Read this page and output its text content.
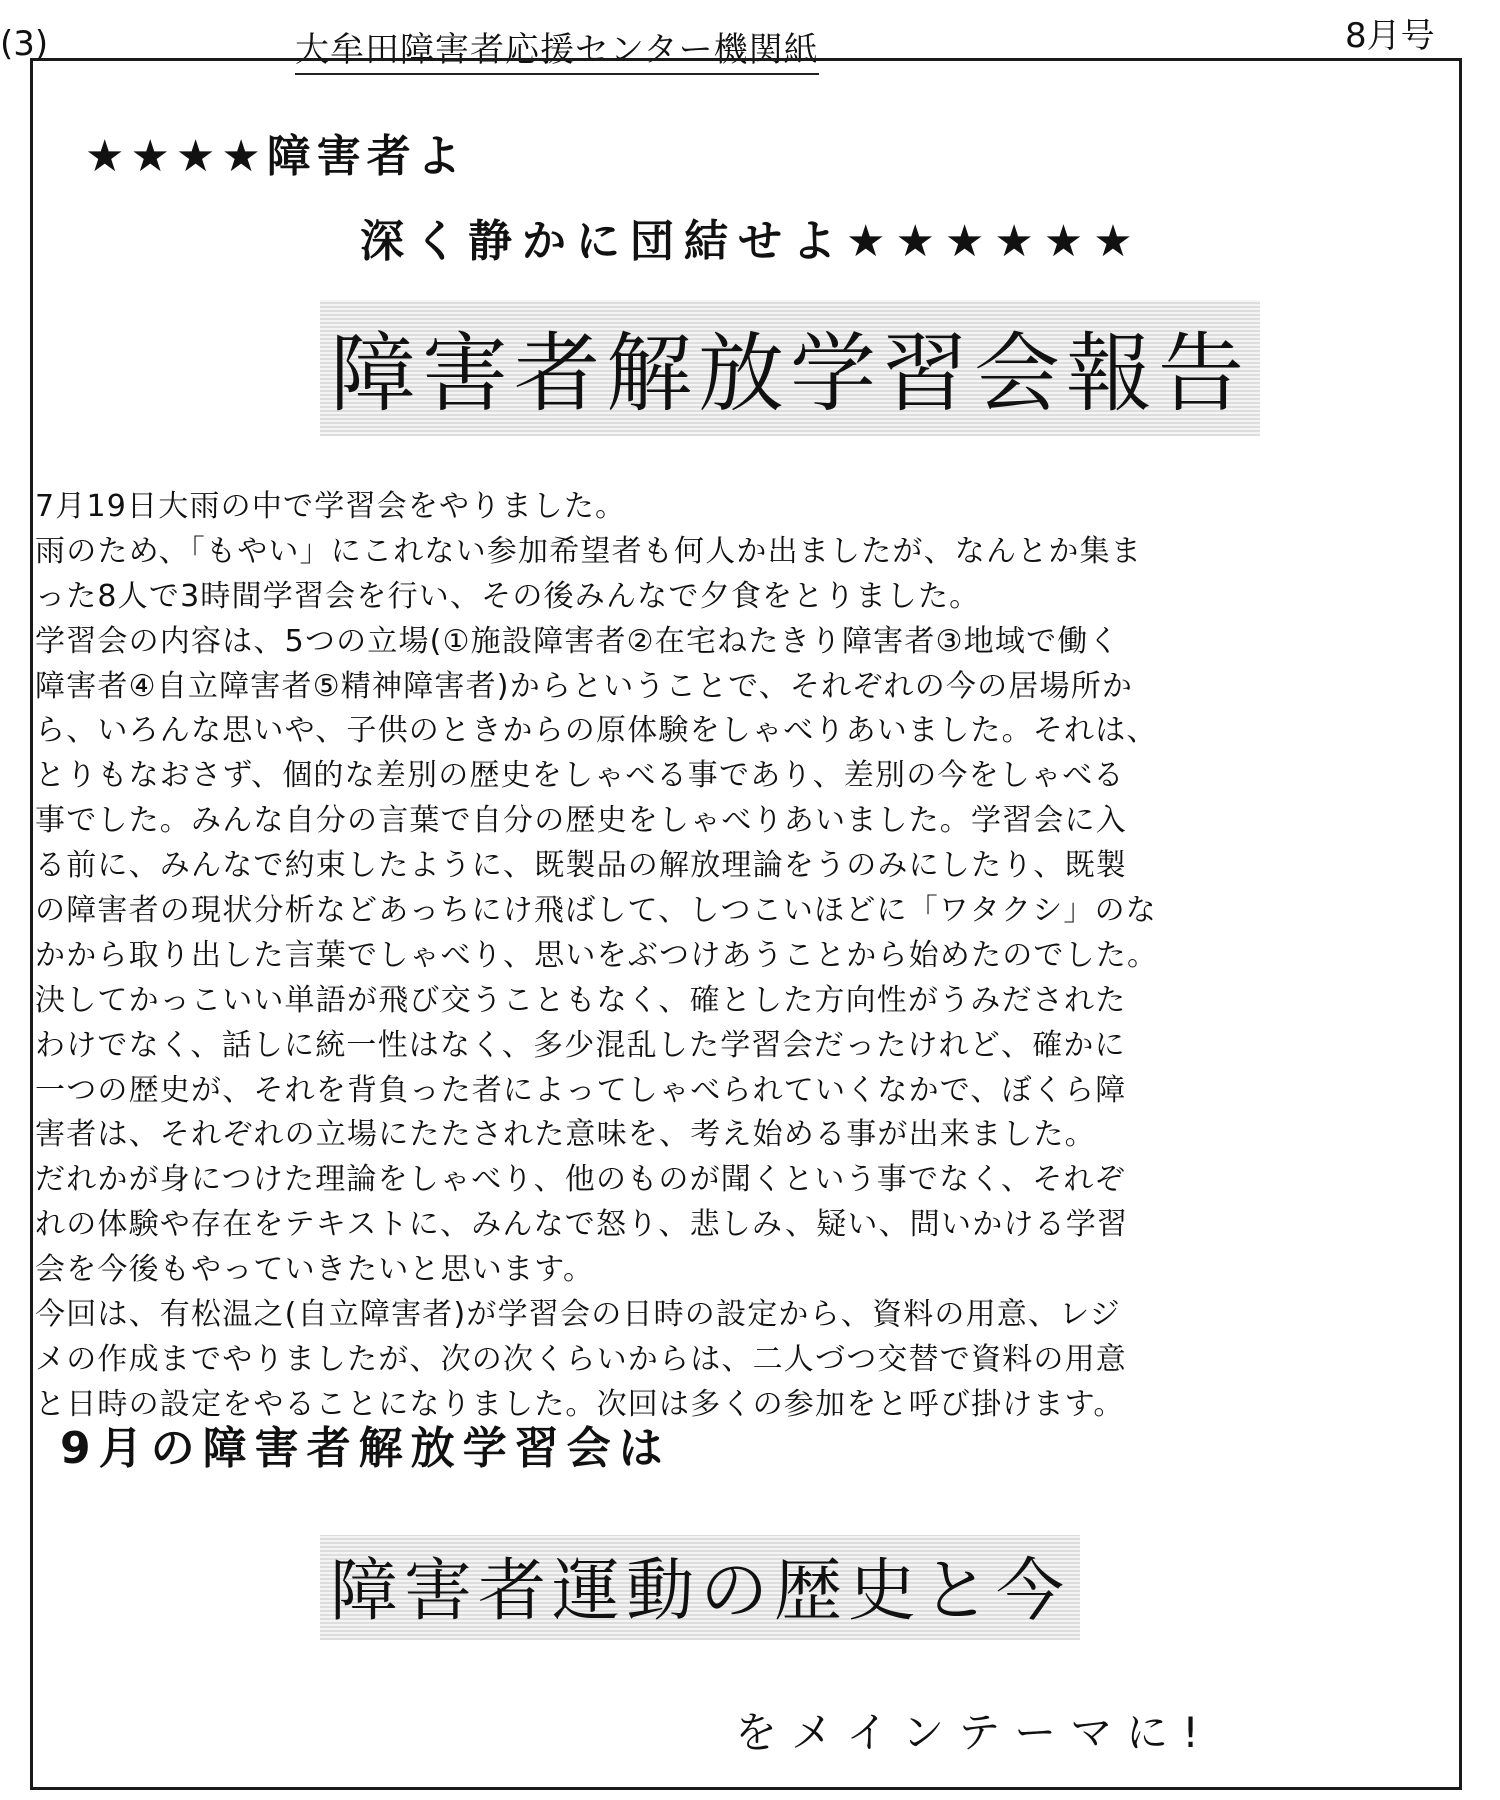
(3)	大牟田障害者応援センター機関紙	8月号
★★★★障害者よ
深く静かに団結せよ★★★★★★
障害者解放学習会報告
7月19日大雨の中で学習会をやりました。
雨のため、「もやい」にこれない参加希望者も何人か出ましたが、なんとか集ま
った8人で3時間学習会を行い、その後みんなで夕食をとりました。
学習会の内容は、5つの立場(①施設障害者②在宅ねたきり障害者③地域で働く
障害者④自立障害者⑤精神障害者)からということで、それぞれの今の居場所か
ら、いろんな思いや、子供のときからの原体験をしゃべりあいました。それは、
とりもなおさず、個的な差別の歴史をしゃべる事であり、差別の今をしゃべる
事でした。みんな自分の言葉で自分の歴史をしゃべりあいました。学習会に入
る前に、みんなで約束したように、既製品の解放理論をうのみにしたり、既製
の障害者の現状分析などあっちにけ飛ばして、しつこいほどに「ワタクシ」のな
かから取り出した言葉でしゃべり、思いをぶつけあうことから始めたのでした。
決してかっこいい単語が飛び交うこともなく、確とした方向性がうみだされた
わけでなく、話しに統一性はなく、多少混乱した学習会だったけれど、確かに
一つの歴史が、それを背負った者によってしゃべられていくなかで、ぼくら障
害者は、それぞれの立場にたたされた意味を、考え始める事が出来ました。
だれかが身につけた理論をしゃべり、他のものが聞くという事でなく、それぞ
れの体験や存在をテキストに、みんなで怒り、悲しみ、疑い、問いかける学習
会を今後もやっていきたいと思います。
今回は、有松温之(自立障害者)が学習会の日時の設定から、資料の用意、レジ
メの作成までやりましたが、次の次くらいからは、二人づつ交替で資料の用意
と日時の設定をやることになりました。次回は多くの参加をと呼び掛けます。
9月の障害者解放学習会は
障害者運動の歴史と今
をメインテーマに!
